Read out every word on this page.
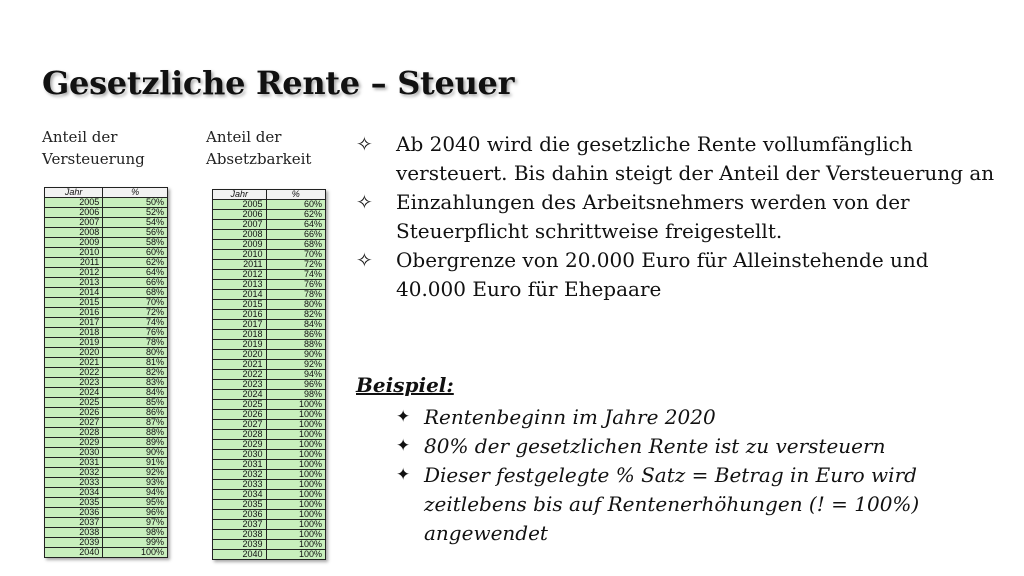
Gesetzliche Rente – Steuer
Anteil der
Versteuerung
Anteil der
Absetzbarkeit
Jahr	%
2005	50%
2006	52%
2007	54%
2008	56%
2009	58%
2010	60%
2011	62%
2012	64%
2013	66%
2014	68%
2015	70%
2016	72%
2017	74%
2018	76%
2019	78%
2020	80%
2021	81%
2022	82%
2023	83%
2024	84%
2025	85%
2026	86%
2027	87%
2028	88%
2029	89%
2030	90%
2031	91%
2032	92%
2033	93%
2034	94%
2035	95%
2036	96%
2037	97%
2038	98%
2039	99%
2040	100%
Jahr	%
2005	60%
2006	62%
2007	64%
2008	66%
2009	68%
2010	70%
2011	72%
2012	74%
2013	76%
2014	78%
2015	80%
2016	82%
2017	84%
2018	86%
2019	88%
2020	90%
2021	92%
2022	94%
2023	96%
2024	98%
2025	100%
2026	100%
2027	100%
2028	100%
2029	100%
2030	100%
2031	100%
2032	100%
2033	100%
2034	100%
2035	100%
2036	100%
2037	100%
2038	100%
2039	100%
2040	100%
✧	Ab 2040 wird die gesetzliche Rente vollumfänglich versteuert. Bis dahin steigt der Anteil der Versteuerung an
✧	Einzahlungen des Arbeitsnehmers werden von der Steuerpflicht schrittweise freigestellt.
✧	Obergrenze von 20.000 Euro für Alleinstehende und 40.000 Euro für Ehepaare
Beispiel:
✦ Rentenbeginn im Jahre 2020
✦ 80% der gesetzlichen Rente ist zu versteuern
✦ Dieser festgelegte % Satz = Betrag in Euro wird zeitlebens bis auf Rentenerhöhungen (! = 100%) angewendet
